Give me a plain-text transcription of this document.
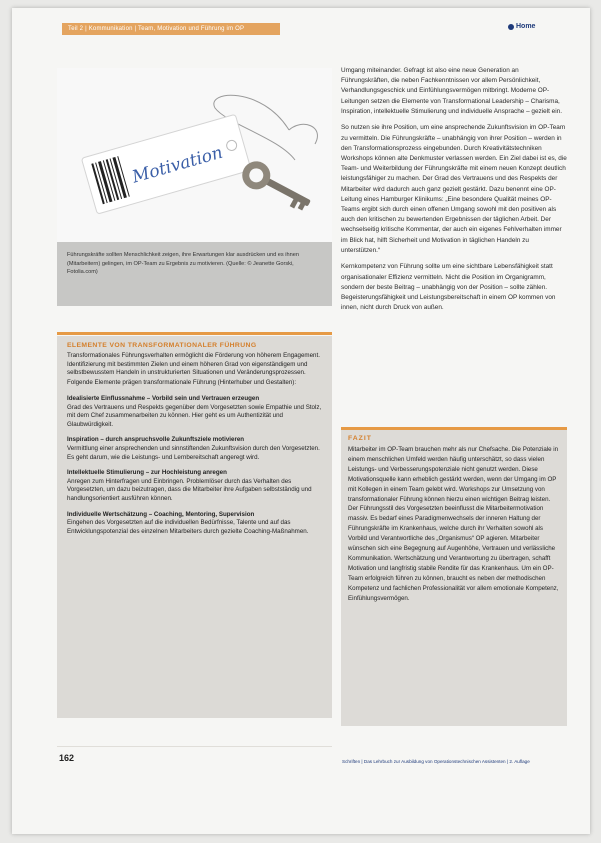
Teil 2 | Kommunikation | Team, Motivation und Führung im OP	Home
Motivation
Führungskräfte sollten Menschlichkeit zeigen, ihre Erwartungen klar ausdrücken und es ihnen (Mitarbeitern) gelingen, im OP-Team zu Ergebnis zu motivieren. (Quelle: © Jeanette Gorski, Fotolia.com)
ELEMENTE VON TRANSFORMATIONALER FÜHRUNG

Transformationales Führungsverhalten ermöglicht die Förderung von höherem Engagement. Identifizierung mit bestimmten Zielen und einem höheren Grad von eigenständigem und selbstbewusstem Handeln in unstrukturierten Situationen und Veränderungsprozessen.

Folgende Elemente prägen transformationale Führung (Hinterhuber und Gestalten):

Idealisierte Einflussnahme – Vorbild sein und Vertrauen erzeugen
Grad des Vertrauens und Respekts gegenüber dem Vorgesetzten sowie Empathie und Stolz, mit dem Chef zusammenarbeiten zu können. Hier geht es um Authentizität und Glaubwürdigkeit.

Inspiration – durch anspruchsvolle Zukunftsziele motivieren
Vermittlung einer ansprechenden und sinnstiftenden Zukunftsvision durch den Vorgesetzten. Es geht darum, wie die Leistungs- und Lernbereitschaft angeregt wird.

Intellektuelle Stimulierung – zur Hochleistung anregen
Anregen zum Hinterfragen und Einbringen. Problemlöser durch das Verhalten des Vorgesetzten, um dazu beizutragen, dass die Mitarbeiter ihre Aufgaben selbstständig und handlungsorientiert ausführen können.

Individuelle Wertschätzung – Coaching, Mentoring, Supervision
Eingehen des Vorgesetzten auf die individuellen Bedürfnisse, Talente und auf das Entwicklungspotenzial des einzelnen Mitarbeiters durch gezielte Coaching-Maßnahmen.

Umgang miteinander. Gefragt ist also eine neue Generation an Führungskräften, die neben Fachkenntnissen vor allem Persönlichkeit, Verhandlungsgeschick und Einfühlungsvermögen mitbringt. Moderne OP-Leitungen setzen die Elemente von Transformational Leadership – Charisma, Inspiration, intellektuelle Stimulierung und individuelle Ansprache – gezielt ein.

So nutzen sie ihre Position, um eine ansprechende Zukunftsvision im OP-Team zu vermitteln. Die Führungskräfte – unabhängig von ihrer Position – werden in den Transformationsprozess eingebunden. Durch Kreativitätstechniken Workshops können alte Denkmuster verlassen werden. Ein Ziel dabei ist es, die Team- und Weiterbildung der Führungskräfte mit einem neuen Konzept deutlich leistungsfähiger zu machen. Der Grad des Vertrauens und des Respekts der Mitarbeiter wird dadurch auch ganz gezielt gestärkt. Dazu benennt eine OP-Leitung eines Hamburger Klinikums: „Eine besondere Qualität meines OP-Teams ergibt sich durch einen offenen Umgang sowohl mit den positiven als auch den kritischen zu bewertenden Ergebnissen der täglichen Arbeit. Der wechselseitig kritische Kommentar, der auch ein eigenes Fehlverhalten immer im Blick hat, hilft Sicherheit und Motivation in täglichen Handeln zu unterstützen.“

Kernkompetenz von Führung sollte um eine sichtbare Lebensfähigkeit statt organisationaler Effizienz vermitteln. Nicht die Position im Organigramm, sondern der beste Beitrag – unabhängig von der Position – sollte zählen. Begeisterungsfähigkeit und Leistungsbereitschaft in einem OP kommen von innen, nicht durch Druck von außen.

FAZIT
Mitarbeiter im OP-Team brauchen mehr als nur Chefsache. Die Potenziale in einem menschlichen Umfeld werden häufig unterschätzt, so dass vielen Leistungs- und Verbesserungspotenziale nicht genutzt werden. Diese Motivationsquelle kann erheblich gestärkt werden, wenn der Umgang im OP mit Kollegen in einem Team gelebt wird. Workshops zur Umsetzung von transformationaler Führung können hierzu einen wichtigen Beitrag leisten. Der Führungsstil des Vorgesetzten beeinflusst die Mitarbeitermotivation massiv. Es bedarf eines Paradigmenwechsels der inneren Haltung der Führungskräfte im Krankenhaus, welche durch ihr Verhalten sowohl als Vorbild und Verantwortliche des „Organismus“ OP agieren. Mitarbeiter wünschen sich eine Begegnung auf Augenhöhe, Vertrauen und verlässliche Kommunikation. Wertschätzung und Verantwortung zu übertragen, schafft Motivation und langfristig stabile Rendite für das Krankenhaus. Um ein OP-Team erfolgreich führen zu können, braucht es neben der methodischen Kompetenz und fachlichen Professionalität vor allem emotionale Kompetenz, Einfühlungsvermögen.
162	Schriften | Das Lehrbuch zur Ausbildung von Operationstechnischen Assistenten | 2. Auflage
